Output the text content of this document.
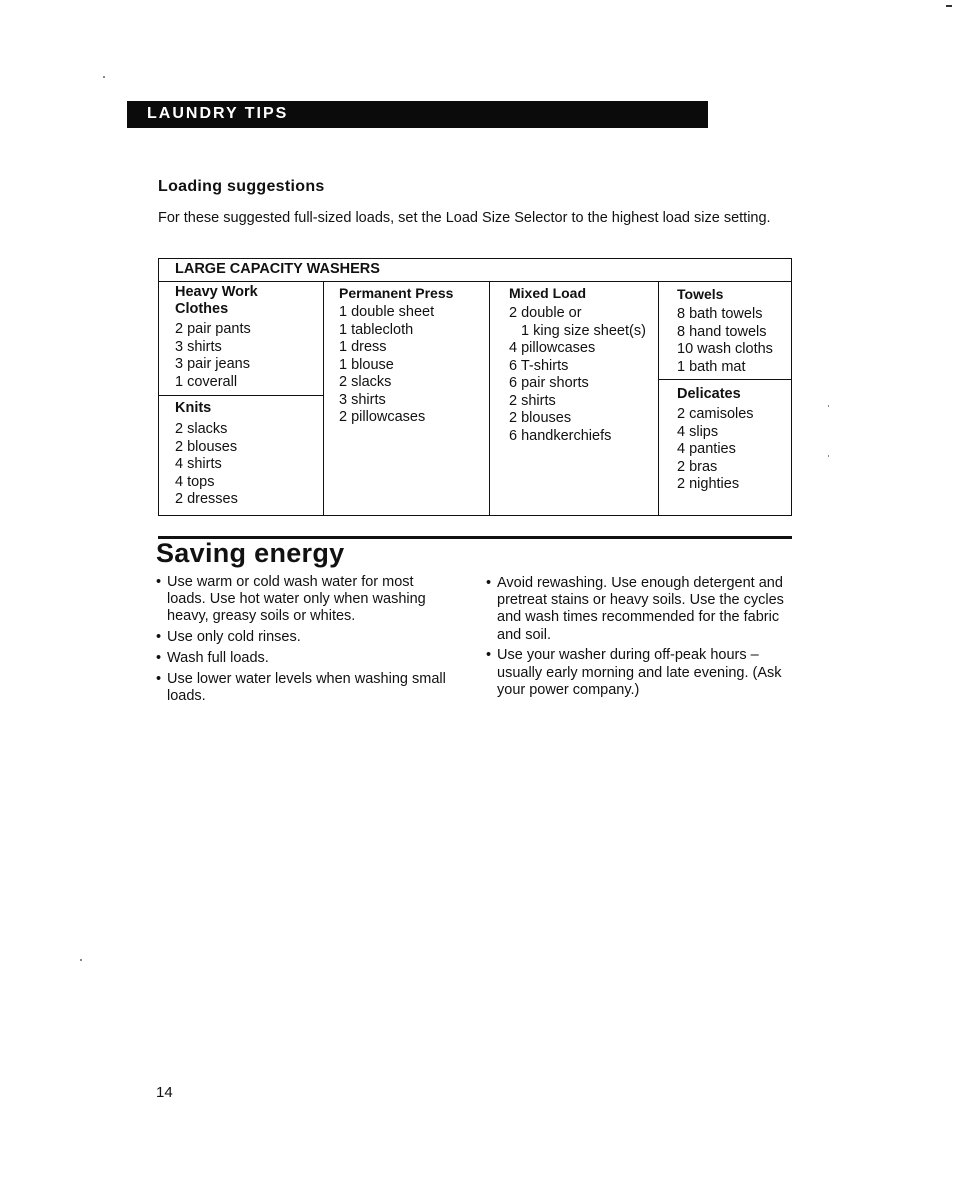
LAUNDRY TIPS
Loading suggestions
For these suggested full-sized loads, set the Load Size Selector to the highest load size setting.
LARGE CAPACITY WASHERS
Heavy Work
Clothes
2 pair pants
3 shirts
3 pair jeans
1 coverall
Knits
2 slacks
2 blouses
4 shirts
4 tops
2 dresses
Permanent Press
1 double sheet
1 tablecloth
1 dress
1 blouse
2 slacks
3 shirts
2 pillowcases
Mixed Load
2 double or
1 king size sheet(s)
4 pillowcases
6 T-shirts
6 pair shorts
2 shirts
2 blouses
6 handkerchiefs
Towels
8 bath towels
8 hand towels
10 wash cloths
1 bath mat
Delicates
2 camisoles
4 slips
4 panties
2 bras
2 nighties
Saving energy
• Use warm or cold wash water for most loads. Use hot water only when washing heavy, greasy soils or whites.
• Use only cold rinses.
• Wash full loads.
• Use lower water levels when washing small loads.
• Avoid rewashing. Use enough detergent and pretreat stains or heavy soils. Use the cycles and wash times recommended for the fabric and soil.
• Use your washer during off-peak hours – usually early morning and late evening. (Ask your power company.)
14
